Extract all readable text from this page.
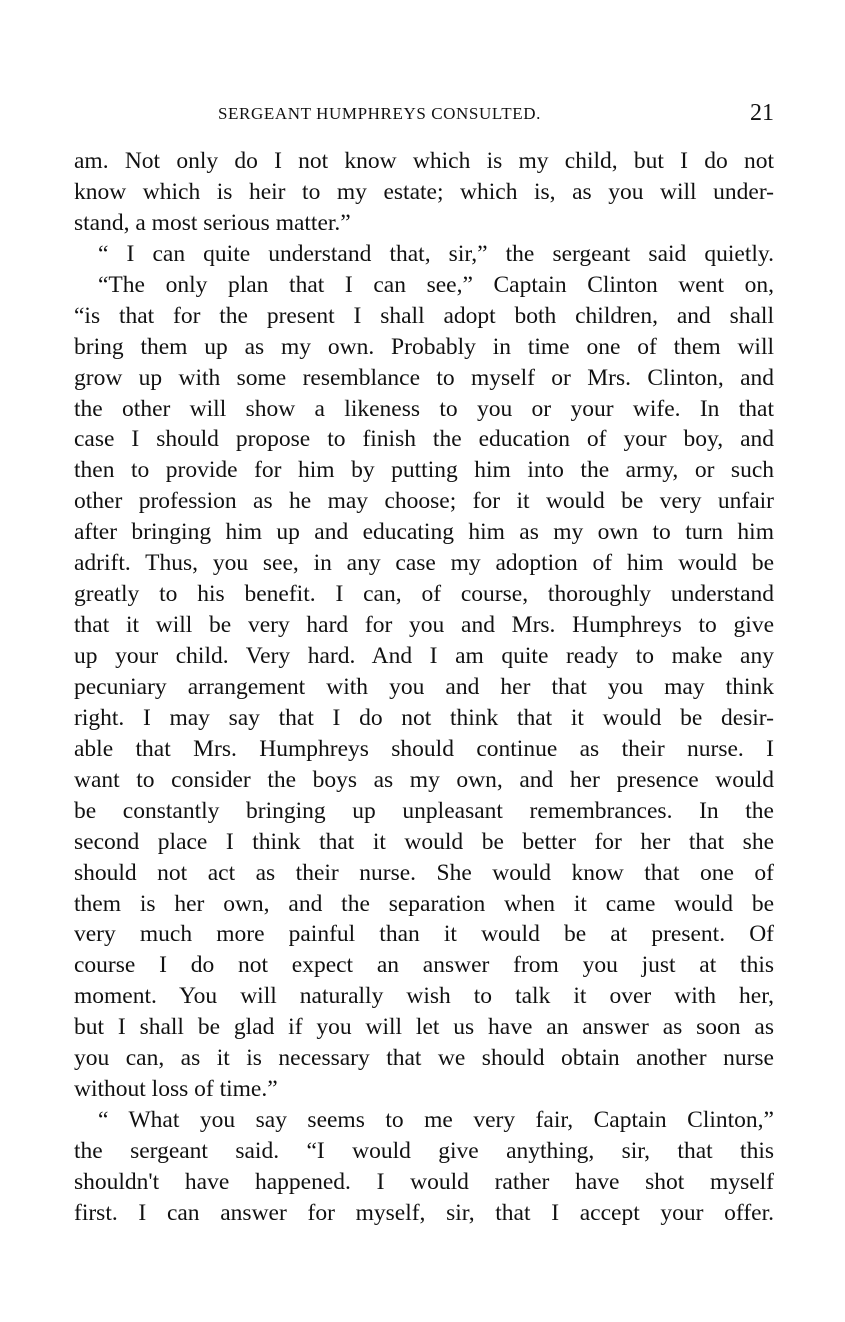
SERGEANT HUMPHREYS CONSULTED.	21
am. Not only do I not know which is my child, but I do not
know which is heir to my estate; which is, as you will under-
stand, a most serious matter.”
“ I can quite understand that, sir,” the sergeant said quietly.
“The only plan that I can see,” Captain Clinton went on,
“is that for the present I shall adopt both children, and shall
bring them up as my own. Probably in time one of them will
grow up with some resemblance to myself or Mrs. Clinton, and
the other will show a likeness to you or your wife. In that
case I should propose to finish the education of your boy, and
then to provide for him by putting him into the army, or such
other profession as he may choose; for it would be very unfair
after bringing him up and educating him as my own to turn him
adrift. Thus, you see, in any case my adoption of him would be
greatly to his benefit. I can, of course, thoroughly understand
that it will be very hard for you and Mrs. Humphreys to give
up your child. Very hard. And I am quite ready to make any
pecuniary arrangement with you and her that you may think
right. I may say that I do not think that it would be desir-
able that Mrs. Humphreys should continue as their nurse. I
want to consider the boys as my own, and her presence would
be constantly bringing up unpleasant remembrances. In the
second place I think that it would be better for her that she
should not act as their nurse. She would know that one of
them is her own, and the separation when it came would be
very much more painful than it would be at present. Of
course I do not expect an answer from you just at this
moment. You will naturally wish to talk it over with her,
but I shall be glad if you will let us have an answer as soon as
you can, as it is necessary that we should obtain another nurse
without loss of time.”
“ What you say seems to me very fair, Captain Clinton,”
the sergeant said. “I would give anything, sir, that this
shouldn't have happened. I would rather have shot myself
first. I can answer for myself, sir, that I accept your offer.
